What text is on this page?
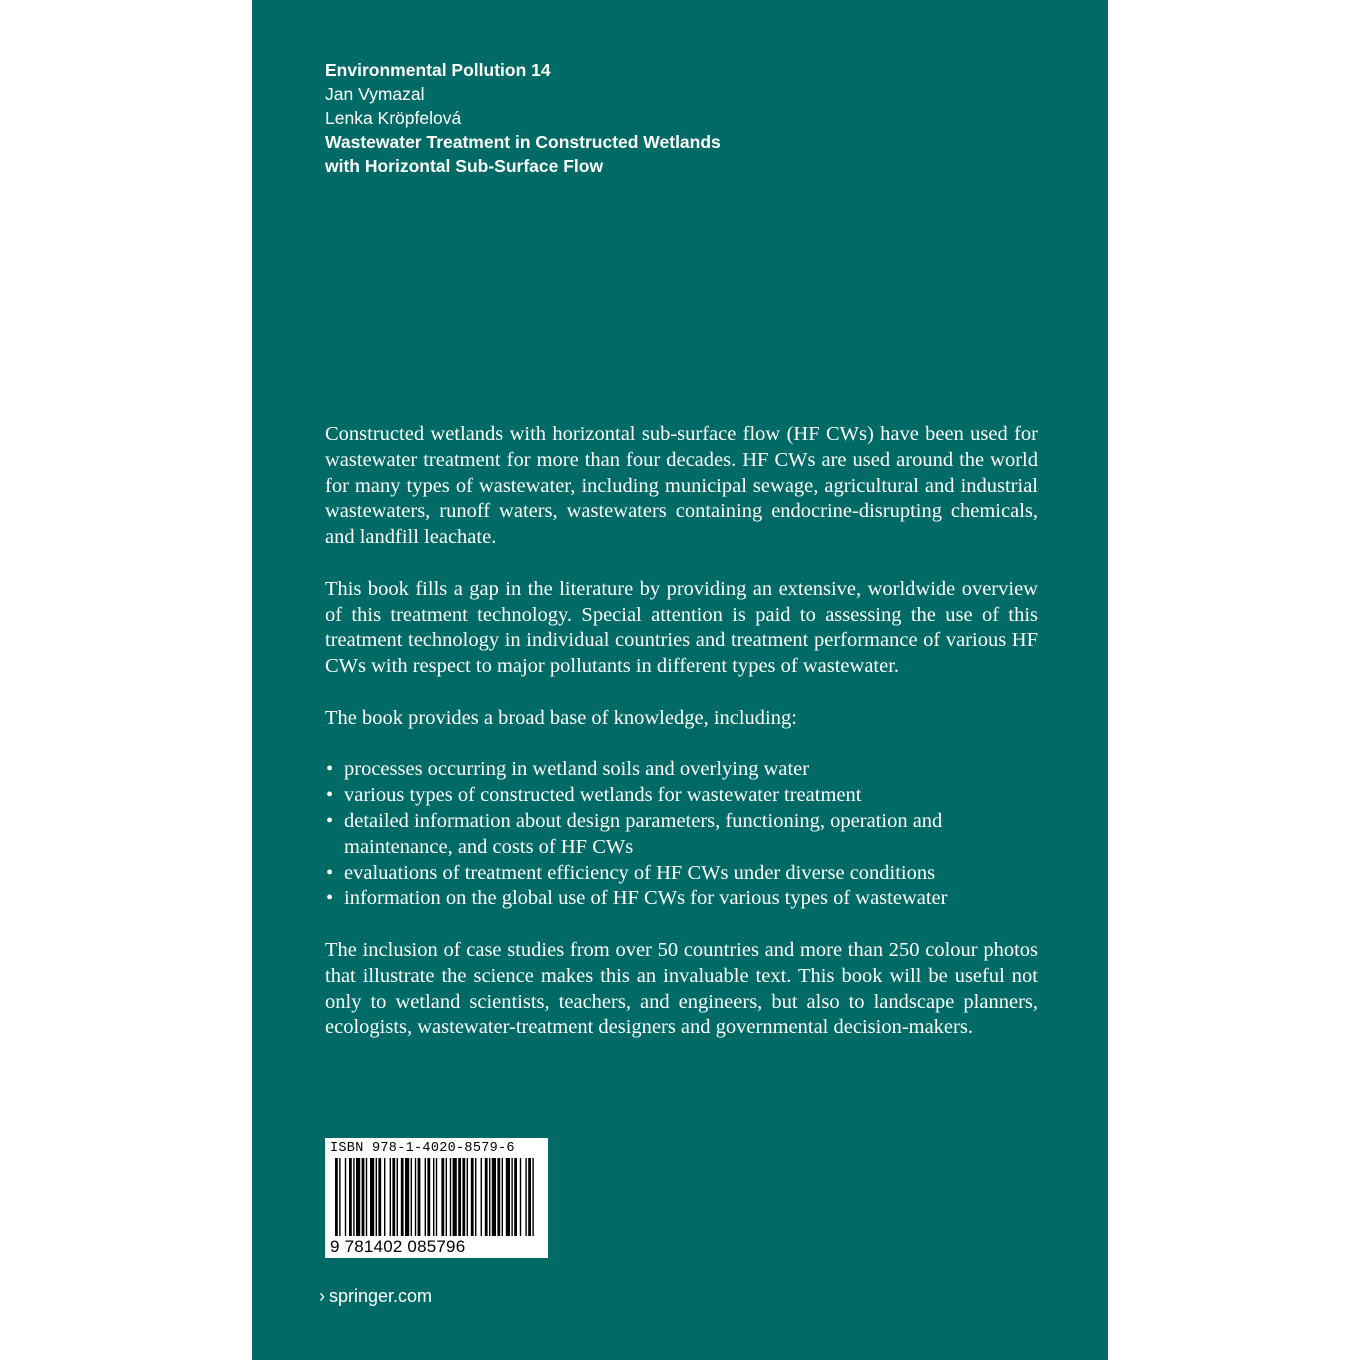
Environmental Pollution 14
Jan Vymazal
Lenka Kröpfelová
Wastewater Treatment in Constructed Wetlands
with Horizontal Sub-Surface Flow

Constructed wetlands with horizontal sub-surface flow (HF CWs) have been used for wastewater treatment for more than four decades. HF CWs are used around the world for many types of wastewater, including municipal sewage, agricultural and industrial wastewaters, runoff waters, wastewaters containing endocrine-disrupting chemicals, and landfill leachate.

This book fills a gap in the literature by providing an extensive, worldwide overview of this treatment technology. Special attention is paid to assessing the use of this treatment technology in individual countries and treatment performance of various HF CWs with respect to major pollutants in different types of wastewater.

The book provides a broad base of knowledge, including:

• processes occurring in wetland soils and overlying water
• various types of constructed wetlands for wastewater treatment
• detailed information about design parameters, functioning, operation and maintenance, and costs of HF CWs
• evaluations of treatment efficiency of HF CWs under diverse conditions
• information on the global use of HF CWs for various types of wastewater

The inclusion of case studies from over 50 countries and more than 250 colour photos that illustrate the science makes this an invaluable text. This book will be useful not only to wetland scientists, teachers, and engineers, but also to landscape planners, ecologists, wastewater-treatment designers and governmental decision-makers.

ISBN 978-1-4020-8579-6
9 781402 085796
› springer.com
